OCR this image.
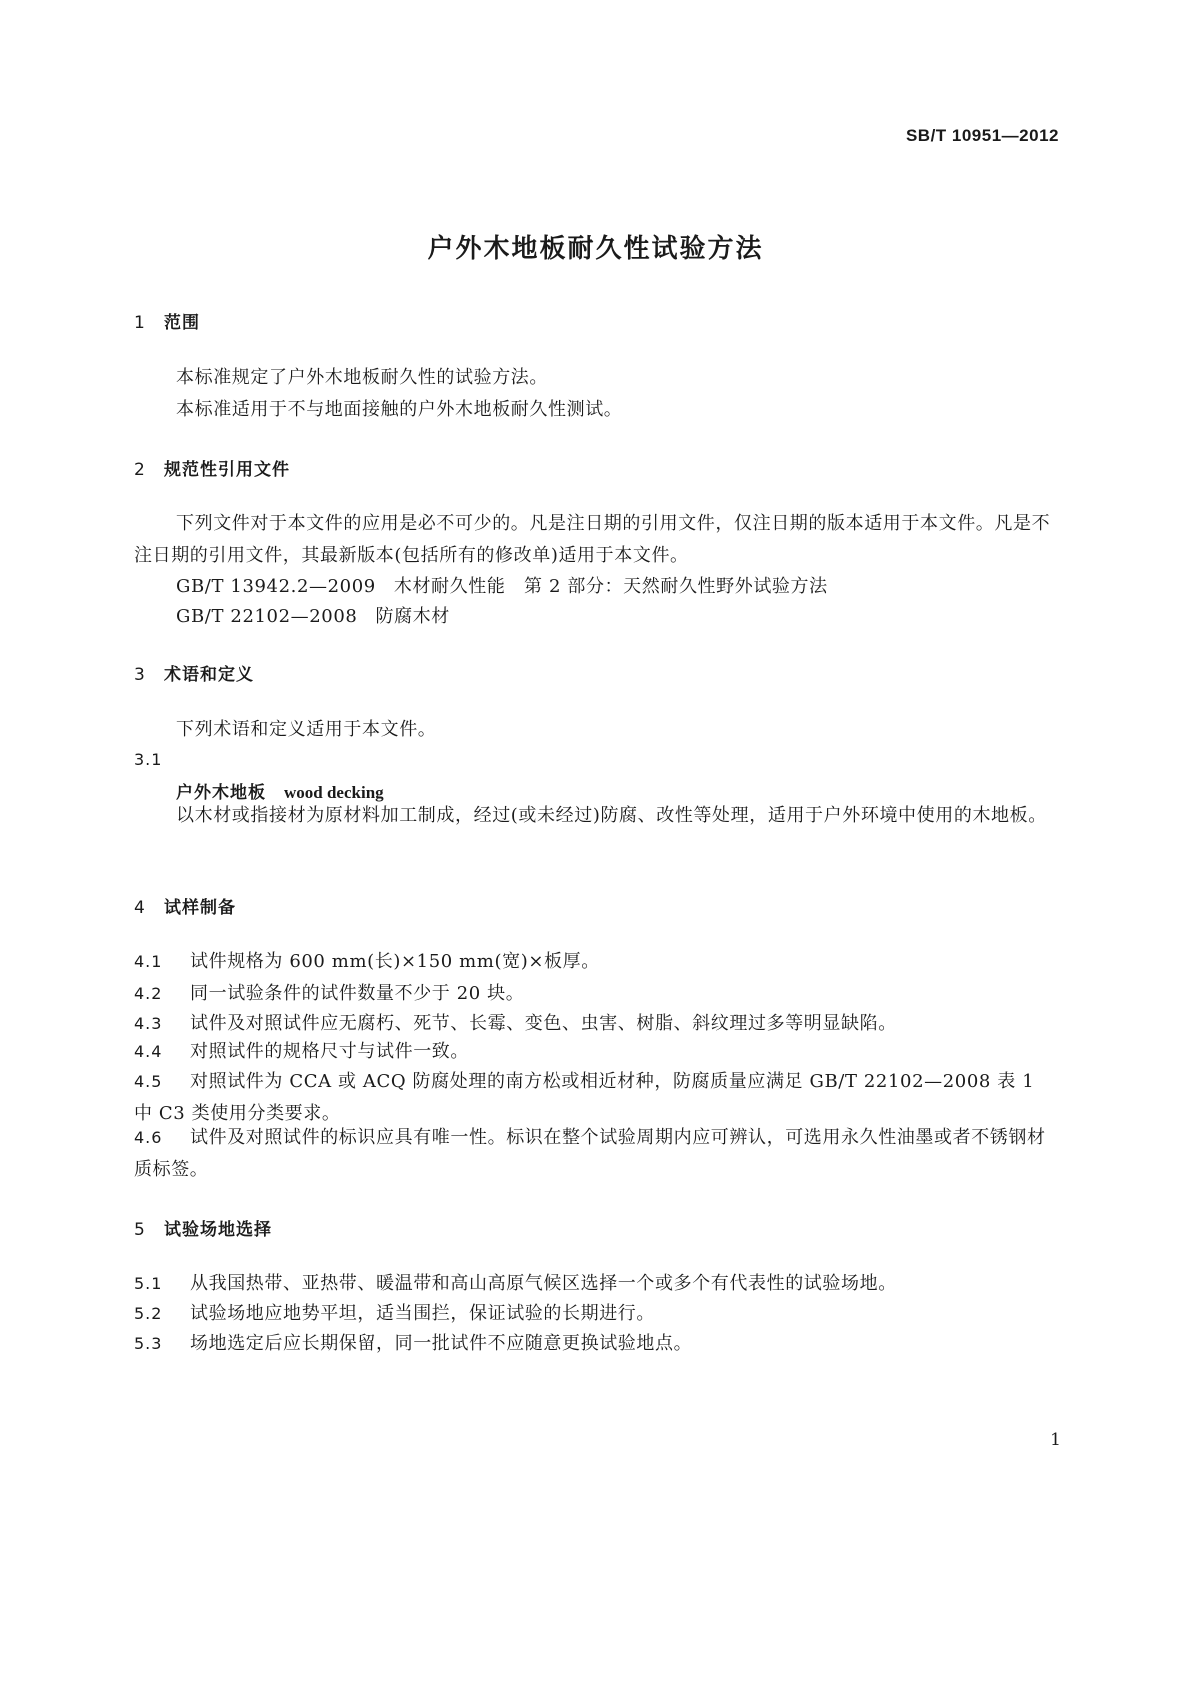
SB/T 10951—2012
户外木地板耐久性试验方法
1 范围
本标准规定了户外木地板耐久性的试验方法。
本标准适用于不与地面接触的户外木地板耐久性测试。
2 规范性引用文件
下列文件对于本文件的应用是必不可少的。凡是注日期的引用文件，仅注日期的版本适用于本文件。凡是不注日期的引用文件，其最新版本(包括所有的修改单)适用于本文件。
GB/T 13942.2—2009 木材耐久性能　第 2 部分：天然耐久性野外试验方法
GB/T 22102—2008 防腐木材
3 术语和定义
下列术语和定义适用于本文件。
3.1
户外木地板 wood decking
以木材或指接材为原材料加工制成，经过(或未经过)防腐、改性等处理，适用于户外环境中使用的木地板。
4 试样制备
4.1 试件规格为 600 mm(长)×150 mm(宽)×板厚。
4.2 同一试验条件的试件数量不少于 20 块。
4.3 试件及对照试件应无腐朽、死节、长霉、变色、虫害、树脂、斜纹理过多等明显缺陷。
4.4 对照试件的规格尺寸与试件一致。
4.5 对照试件为 CCA 或 ACQ 防腐处理的南方松或相近材种，防腐质量应满足 GB/T 22102—2008 表 1 中 C3 类使用分类要求。
4.6 试件及对照试件的标识应具有唯一性。标识在整个试验周期内应可辨认，可选用永久性油墨或者不锈钢材质标签。
5 试验场地选择
5.1 从我国热带、亚热带、暖温带和高山高原气候区选择一个或多个有代表性的试验场地。
5.2 试验场地应地势平坦，适当围拦，保证试验的长期进行。
5.3 场地选定后应长期保留，同一批试件不应随意更换试验地点。
1
